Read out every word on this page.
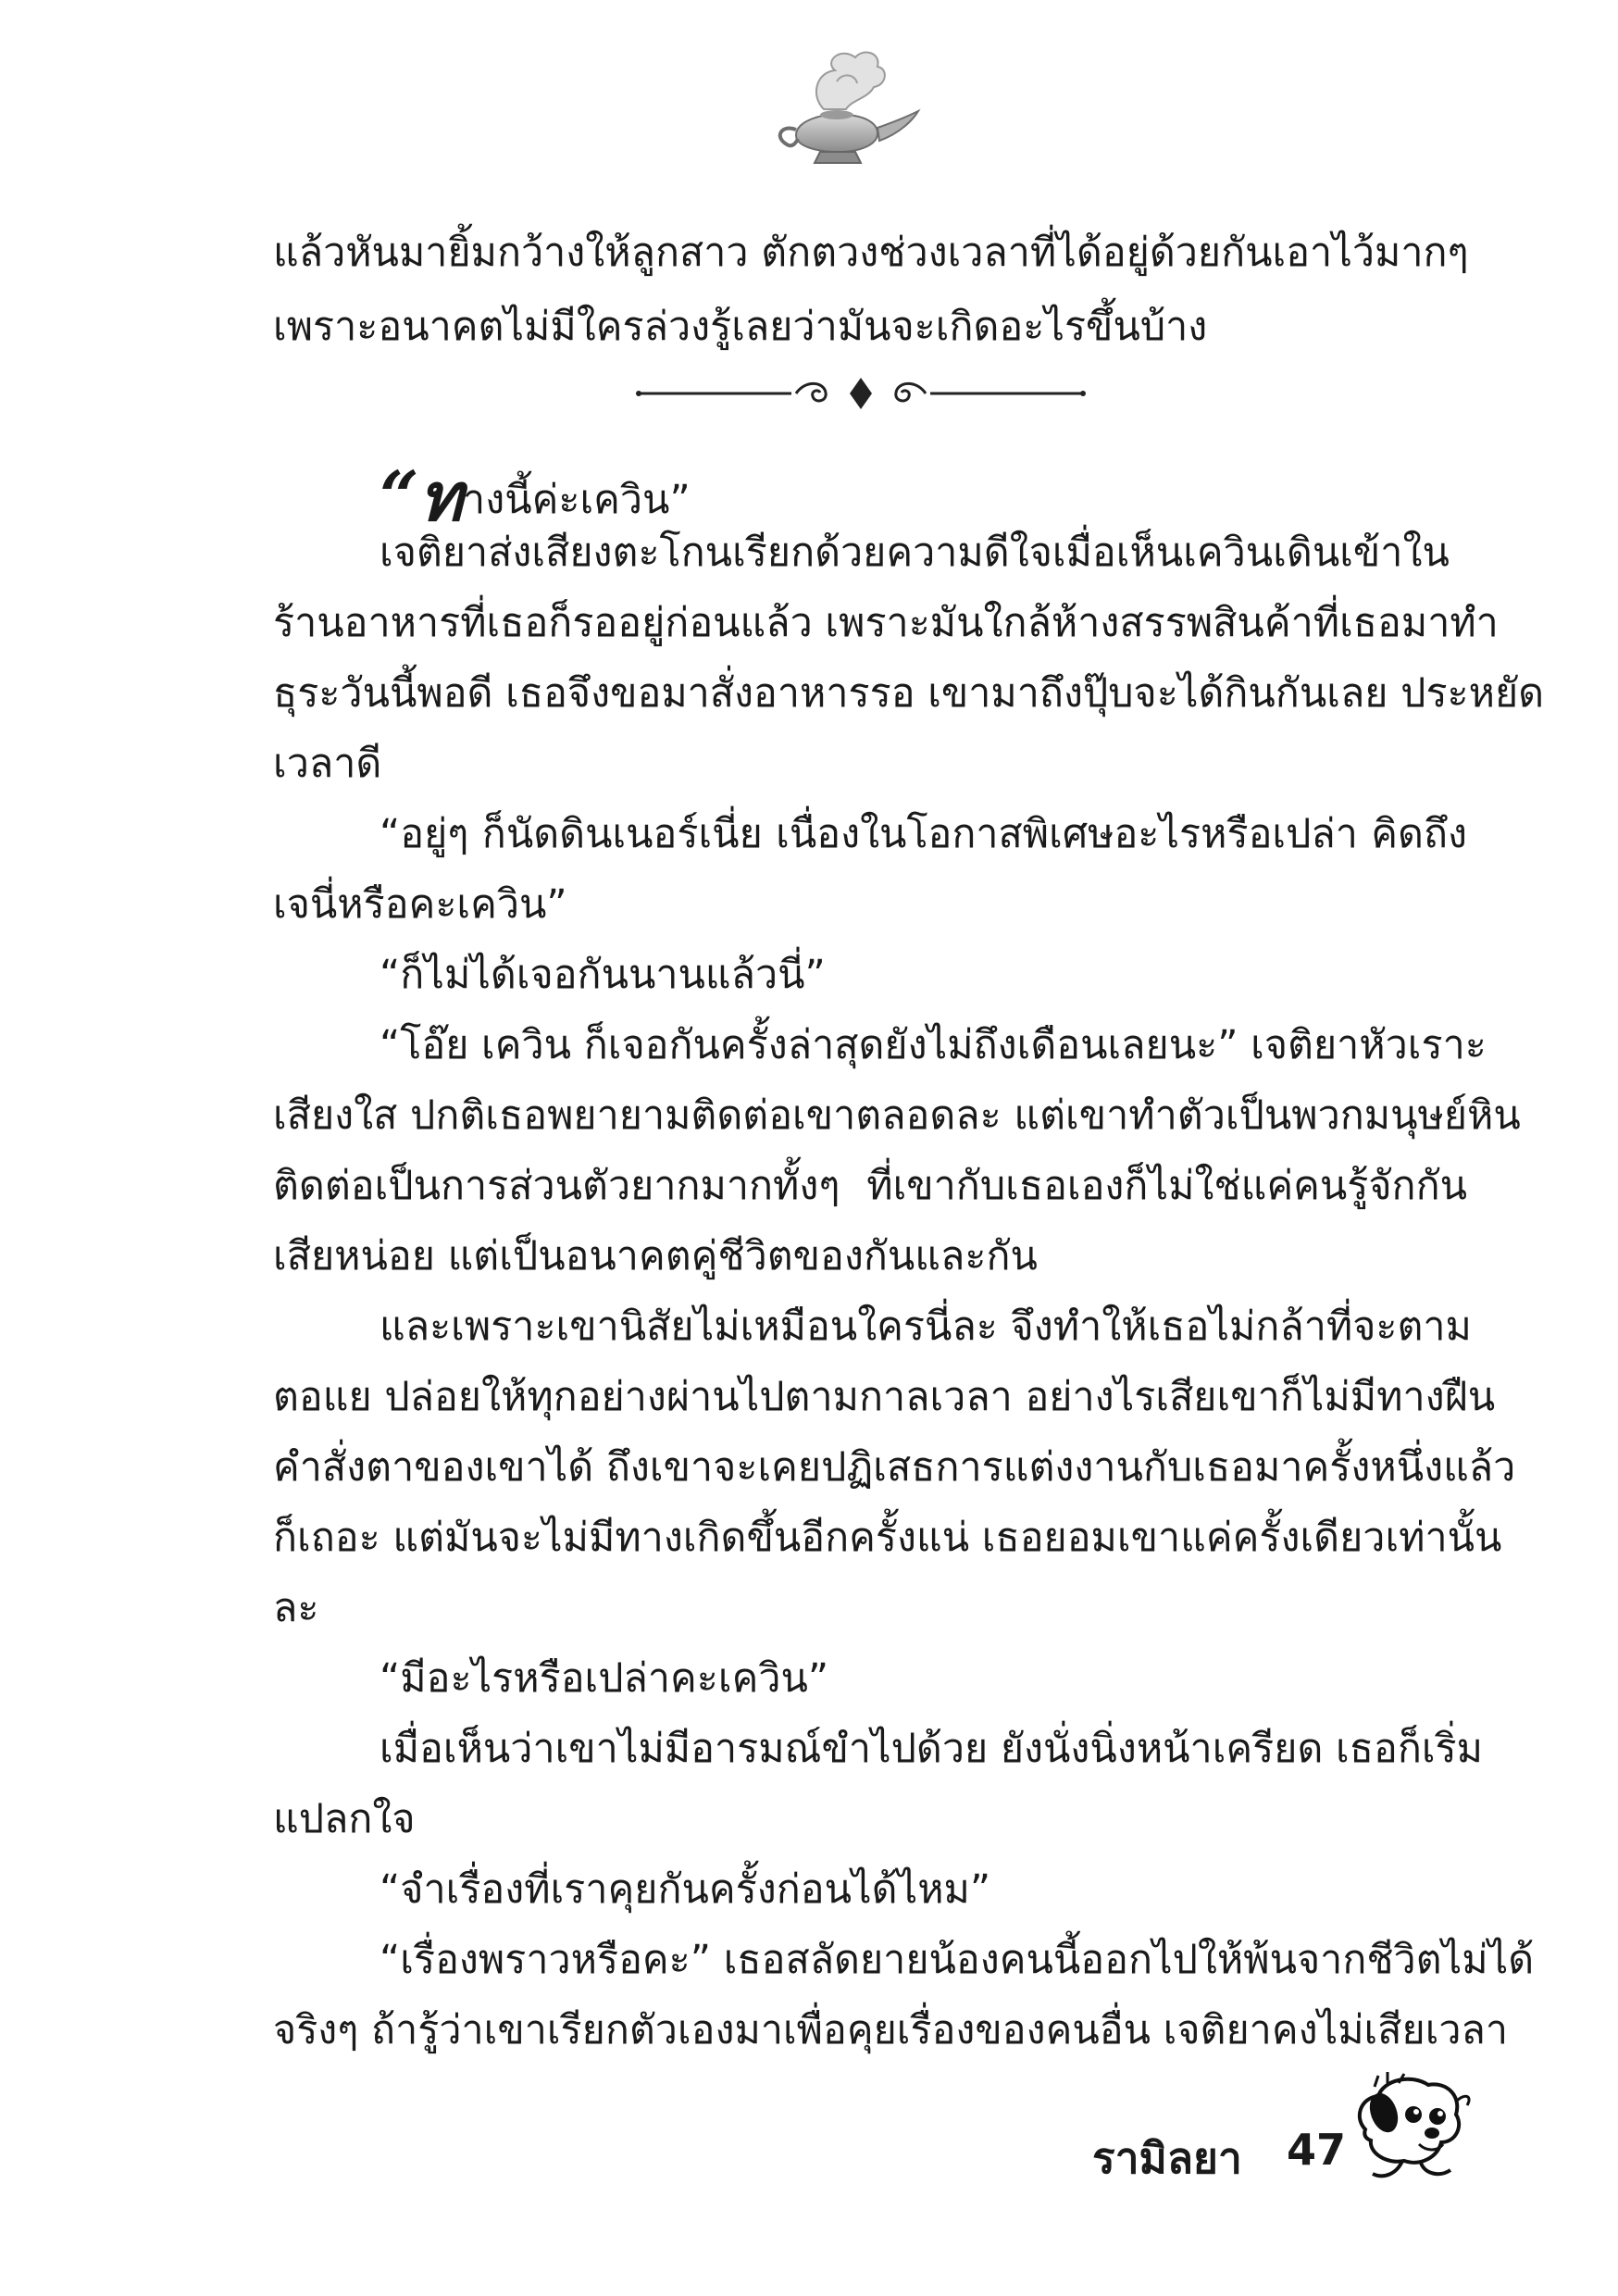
แล้วหันมายิ้มกว้างให้ลูกสาว ตักตวงช่วงเวลาที่ได้อยู่ด้วยกันเอาไว้มากๆ
เพราะอนาคตไม่มีใครล่วงรู้เลยว่ามันจะเกิดอะไรขึ้นบ้าง
“ทางนี้ค่ะเควิน”
เจติยาส่งเสียงตะโกนเรียกด้วยความดีใจเมื่อเห็นเควินเดินเข้าใน
ร้านอาหารที่เธอก็รออยู่ก่อนแล้ว เพราะมันใกล้ห้างสรรพสินค้าที่เธอมาทำ
ธุระวันนี้พอดี เธอจึงขอมาสั่งอาหารรอ เขามาถึงปุ๊บจะได้กินกันเลย ประหยัด
เวลาดี
“อยู่ๆ ก็นัดดินเนอร์เนี่ย เนื่องในโอกาสพิเศษอะไรหรือเปล่า คิดถึง
เจนี่หรือคะเควิน”
“ก็ไม่ได้เจอกันนานแล้วนี่”
“โอ๊ย เควิน ก็เจอกันครั้งล่าสุดยังไม่ถึงเดือนเลยนะ” เจติยาหัวเราะ
เสียงใส ปกติเธอพยายามติดต่อเขาตลอดละ แต่เขาทำตัวเป็นพวกมนุษย์หิน
ติดต่อเป็นการส่วนตัวยากมากทั้งๆ ที่เขากับเธอเองก็ไม่ใช่แค่คนรู้จักกัน
เสียหน่อย แต่เป็นอนาคตคู่ชีวิตของกันและกัน
และเพราะเขานิสัยไม่เหมือนใครนี่ละ จึงทำให้เธอไม่กล้าที่จะตาม
ตอแย ปล่อยให้ทุกอย่างผ่านไปตามกาลเวลา อย่างไรเสียเขาก็ไม่มีทางฝืน
คำสั่งตาของเขาได้ ถึงเขาจะเคยปฏิเสธการแต่งงานกับเธอมาครั้งหนึ่งแล้ว
ก็เถอะ แต่มันจะไม่มีทางเกิดขึ้นอีกครั้งแน่ เธอยอมเขาแค่ครั้งเดียวเท่านั้น
ละ
“มีอะไรหรือเปล่าคะเควิน”
เมื่อเห็นว่าเขาไม่มีอารมณ์ขำไปด้วย ยังนั่งนิ่งหน้าเครียด เธอก็เริ่ม
แปลกใจ
“จำเรื่องที่เราคุยกันครั้งก่อนได้ไหม”
“เรื่องพราวหรือคะ” เธอสลัดยายน้องคนนี้ออกไปให้พ้นจากชีวิตไม่ได้
จริงๆ ถ้ารู้ว่าเขาเรียกตัวเองมาเพื่อคุยเรื่องของคนอื่น เจติยาคงไม่เสียเวลา
รามิลยา 47
